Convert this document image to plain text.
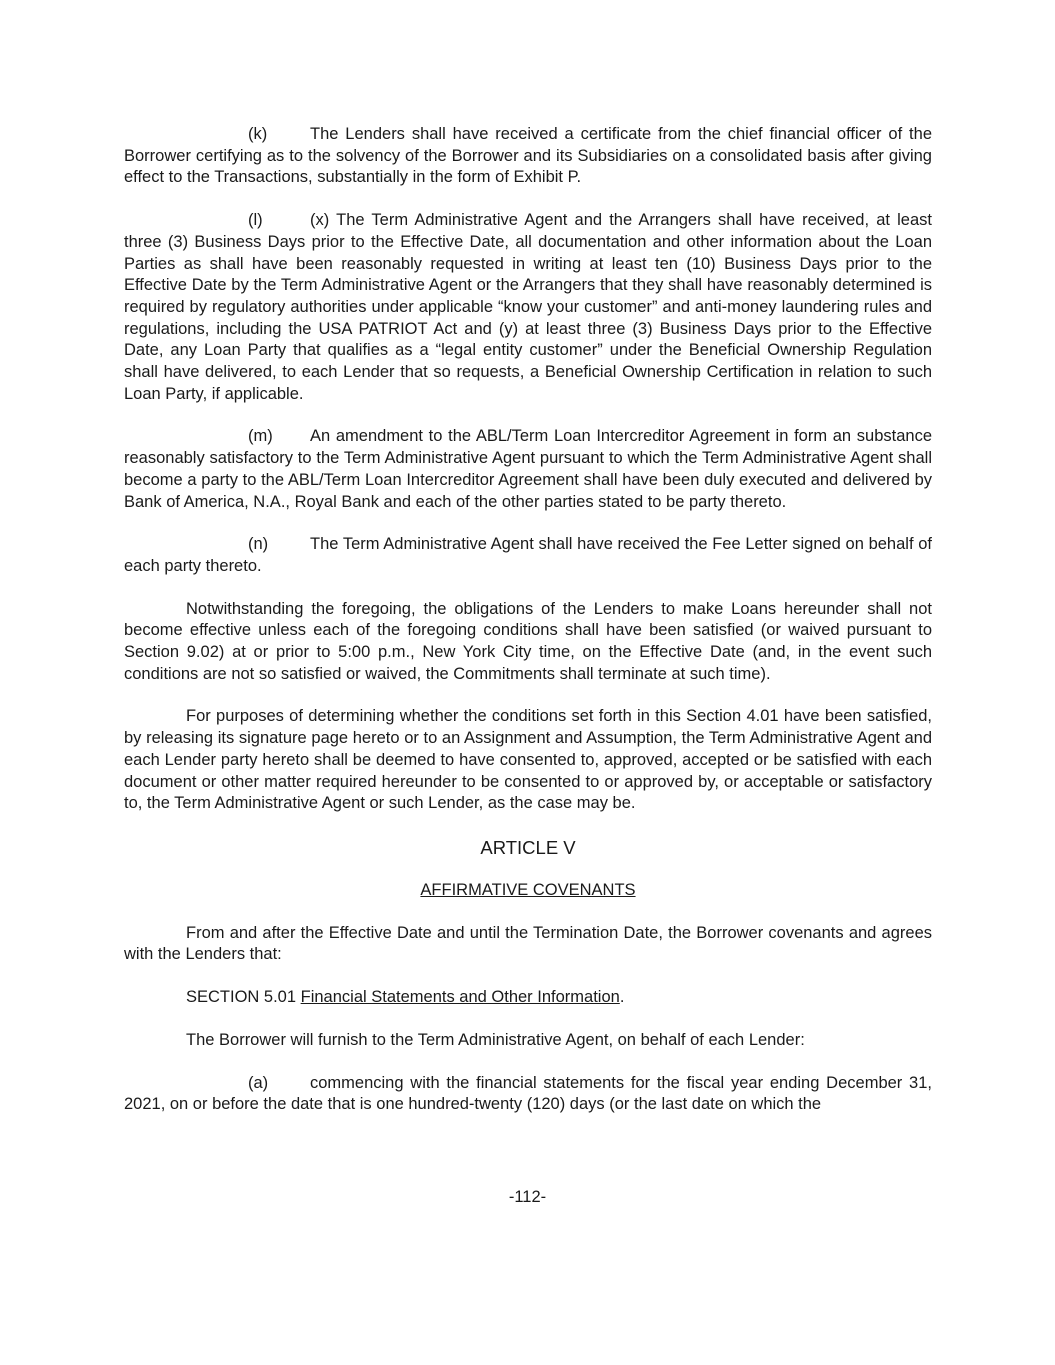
(k)	The Lenders shall have received a certificate from the chief financial officer of the Borrower certifying as to the solvency of the Borrower and its Subsidiaries on a consolidated basis after giving effect to the Transactions, substantially in the form of Exhibit P.

(l)	(x) The Term Administrative Agent and the Arrangers shall have received, at least three (3) Business Days prior to the Effective Date, all documentation and other information about the Loan Parties as shall have been reasonably requested in writing at least ten (10) Business Days prior to the Effective Date by the Term Administrative Agent or the Arrangers that they shall have reasonably determined is required by regulatory authorities under applicable “know your customer” and anti-money laundering rules and regulations, including the USA PATRIOT Act and (y) at least three (3) Business Days prior to the Effective Date, any Loan Party that qualifies as a “legal entity customer” under the Beneficial Ownership Regulation shall have delivered, to each Lender that so requests, a Beneficial Ownership Certification in relation to such Loan Party, if applicable.

(m) An amendment to the ABL/Term Loan Intercreditor Agreement in form an substance reasonably satisfactory to the Term Administrative Agent pursuant to which the Term Administrative Agent shall become a party to the ABL/Term Loan Intercreditor Agreement shall have been duly executed and delivered by Bank of America, N.A., Royal Bank and each of the other parties stated to be party thereto.

(n)	The Term Administrative Agent shall have received the Fee Letter signed on behalf of each party thereto.

Notwithstanding the foregoing, the obligations of the Lenders to make Loans hereunder shall not become effective unless each of the foregoing conditions shall have been satisfied (or waived pursuant to Section 9.02) at or prior to 5:00 p.m., New York City time, on the Effective Date (and, in the event such conditions are not so satisfied or waived, the Commitments shall terminate at such time).

For purposes of determining whether the conditions set forth in this Section 4.01 have been satisfied, by releasing its signature page hereto or to an Assignment and Assumption, the Term Administrative Agent and each Lender party hereto shall be deemed to have consented to, approved, accepted or be satisfied with each document or other matter required hereunder to be consented to or approved by, or acceptable or satisfactory to, the Term Administrative Agent or such Lender, as the case may be.

ARTICLE V
AFFIRMATIVE COVENANTS

From and after the Effective Date and until the Termination Date, the Borrower covenants and agrees with the Lenders that:

SECTION 5.01 Financial Statements and Other Information.

The Borrower will furnish to the Term Administrative Agent, on behalf of each Lender:

(a)	commencing with the financial statements for the fiscal year ending December 31, 2021, on or before the date that is one hundred-twenty (120) days (or the last date on which the

-112-
